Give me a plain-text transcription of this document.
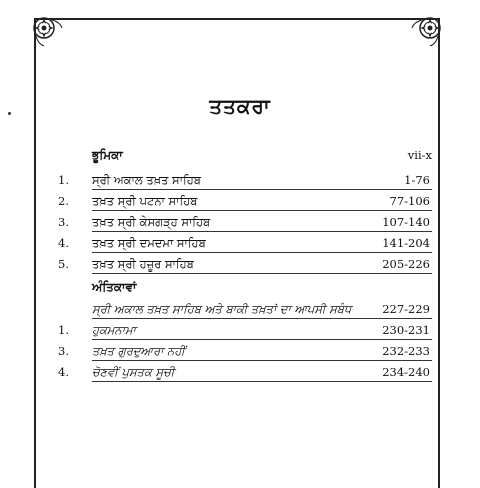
ਤਤਕਰਾ
ਭੂਮਿਕਾ	vii-x
1.	ਸ੍ਰੀ ਅਕਾਲ ਤਖ਼ਤ ਸਾਹਿਬ	1-76
2.	ਤਖ਼ਤ ਸ੍ਰੀ ਪਟਨਾ ਸਾਹਿਬ	77-106
3.	ਤਖ਼ਤ ਸ੍ਰੀ ਕੇਸਗੜ੍ਹ ਸਾਹਿਬ	107-140
4.	ਤਖ਼ਤ ਸ੍ਰੀ ਦਮਦਮਾ ਸਾਹਿਬ	141-204
5.	ਤਖ਼ਤ ਸ੍ਰੀ ਹਜ਼ੂਰ ਸਾਹਿਬ	205-226
ਅੰਤਿਕਾਵਾਂ
ਸ੍ਰੀ ਅਕਾਲ ਤਖ਼ਤ ਸਾਹਿਬ ਅਤੇ ਬਾਕੀ ਤਖ਼ਤਾਂ ਦਾ ਆਪਸੀ ਸਬੰਧ	227-229
1.	ਹੁਕਮਨਾਮਾ	230-231
3.	ਤਖ਼ਤ ਗੁਰਦੁਆਰਾ ਨਹੀਂ	232-233
4.	ਚੋਣਵੀਂ ਪੁਸਤਕ ਸੂਚੀ	234-240
